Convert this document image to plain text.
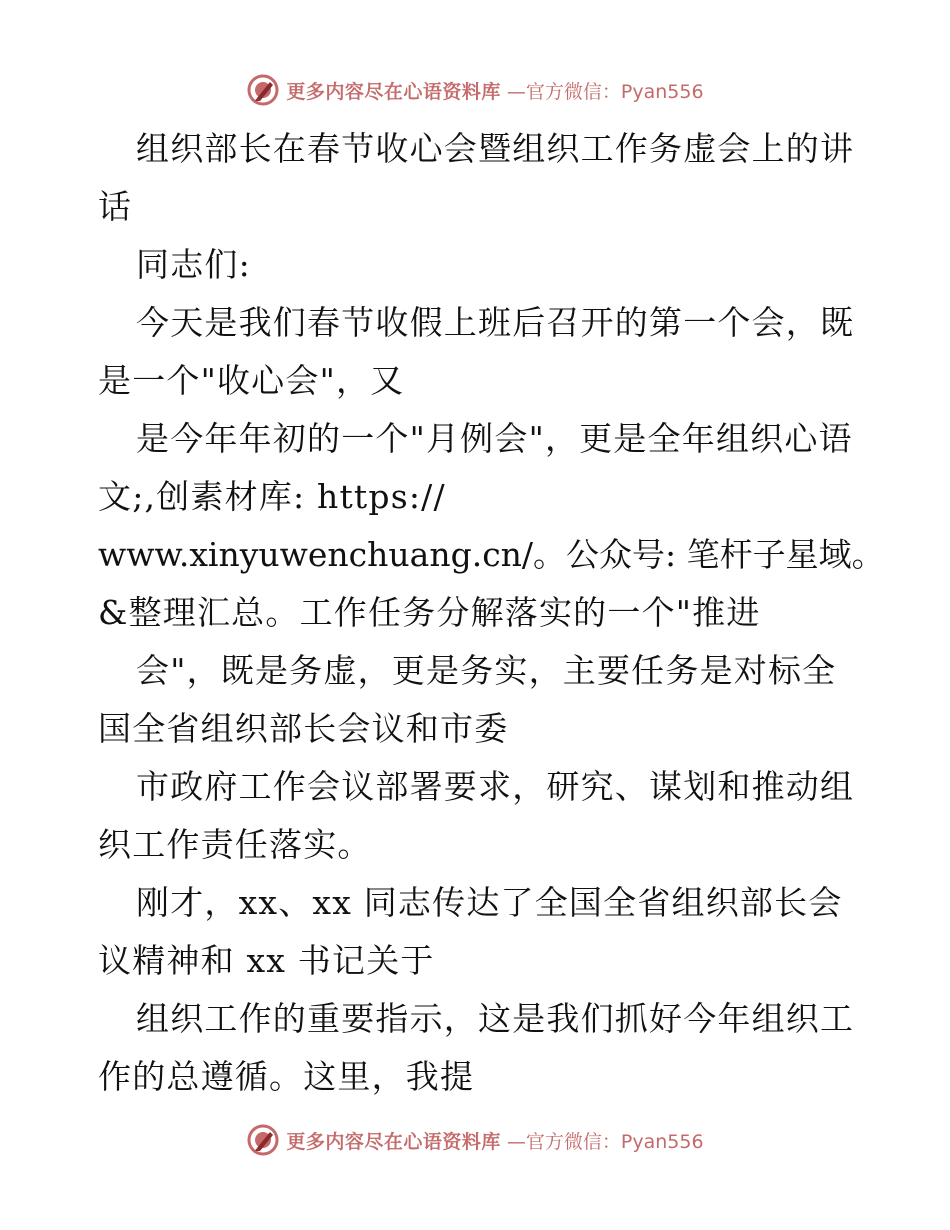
更多内容尽在心语资料库 —官方微信：Pyan556
组织部长在春节收心会暨组织工作务虚会上的讲
话
同志们:
今天是我们春节收假上班后召开的第一个会，既
是一个"收心会"，又
是今年年初的一个"月例会"，更是全年组织心语
文;,创素材库: https://
www.xinyuwenchuang.cn/。公众号: 笔杆子星域。
&整理汇总。工作任务分解落实的一个"推进
会"，既是务虚，更是务实，主要任务是对标全
国全省组织部长会议和市委
市政府工作会议部署要求，研究、谋划和推动组
织工作责任落实。
刚才，xx、xx 同志传达了全国全省组织部长会
议精神和 xx 书记关于
组织工作的重要指示，这是我们抓好今年组织工
作的总遵循。这里，我提
更多内容尽在心语资料库 —官方微信：Pyan556
